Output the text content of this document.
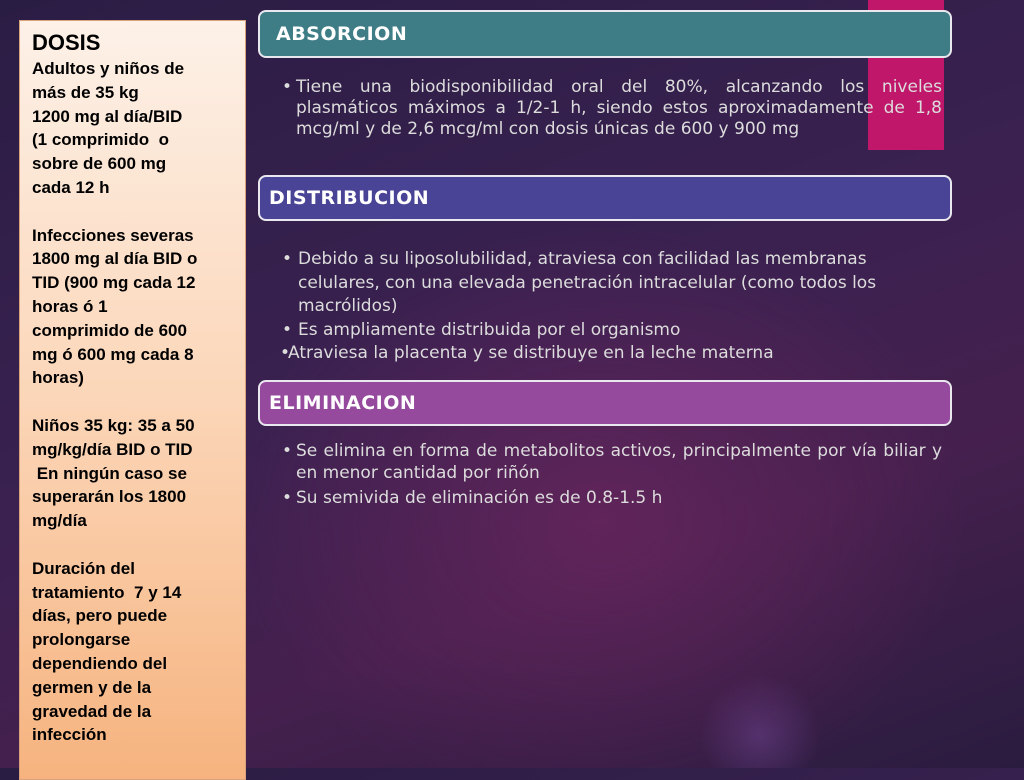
DOSIS
Adultos y niños de
más de 35 kg
1200 mg al día/BID
(1 comprimido  o
sobre de 600 mg
cada 12 h
Infecciones severas
1800 mg al día BID o
TID (900 mg cada 12
horas ó 1
comprimido de 600
mg ó 600 mg cada 8
horas)
Niños 35 kg: 35 a 50
mg/kg/día BID o TID
En ningún caso se
superarán los 1800
mg/día
Duración del
tratamiento  7 y 14
días, pero puede
prolongarse
dependiendo del
germen y de la
gravedad de la
infección
ABSORCION
• Tiene una biodisponibilidad oral del 80%, alcanzando los niveles plasmáticos máximos a 1/2-1 h, siendo estos aproximadamente de 1,8 mcg/ml y de 2,6 mcg/ml con dosis únicas de 600 y 900 mg
DISTRIBUCION
• Debido a su liposolubilidad, atraviesa con facilidad las membranas celulares, con una elevada penetración intracelular (como todos los macrólidos)
• Es ampliamente distribuida por el organismo
•
Atraviesa la placenta y se distribuye en la leche materna
ELIMINACION
• Se elimina en forma de metabolitos activos, principalmente por vía biliar y en menor cantidad por riñón
• Su semivida de eliminación es de 0.8-1.5 h
